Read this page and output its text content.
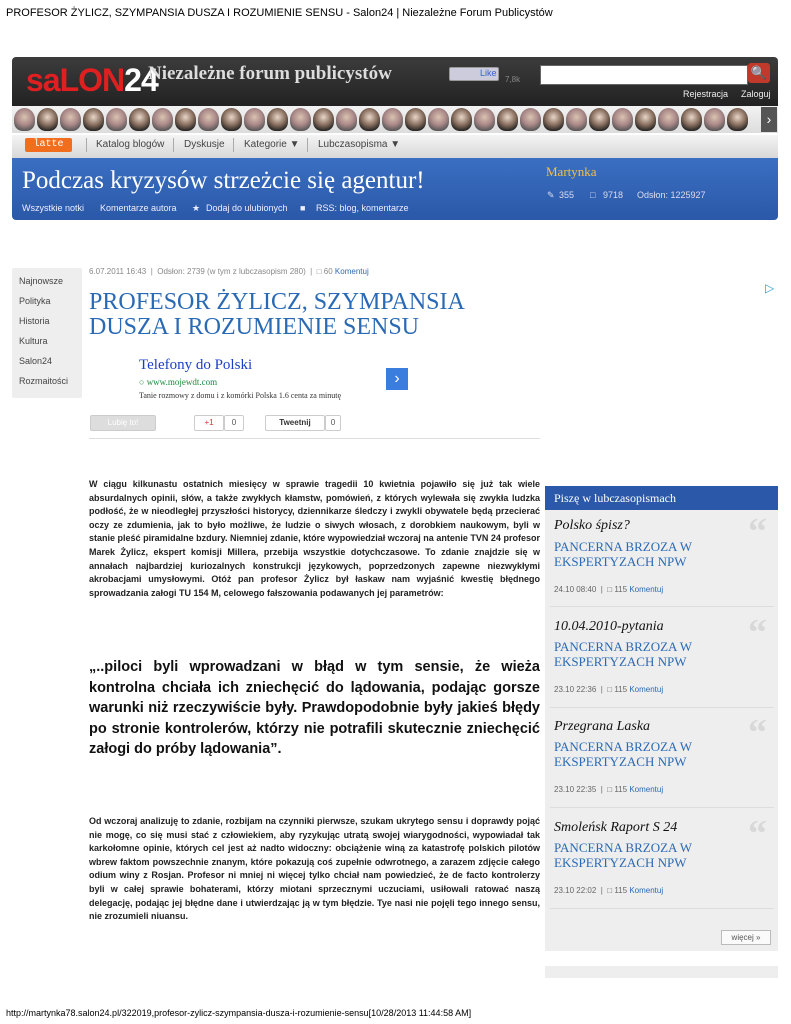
PROFESOR ŻYLICZ, SZYMPANSIA DUSZA I ROZUMIENIE SENSU - Salon24 | Niezależne Forum Publicystów
saLON24
Niezależne forum publicystów	Like
7,8k	🔍
Rejestracja Zaloguj
›
latte	Katalog blogów Dyskusje Kategorie ▼ Lubczasopisma ▼
Podczas kryzysów strzeżcie się agentur!	Martynka
✎ 355 □ 9718 Odsłon: 1225927
Wszystkie notki Komentarze autora ★ Dodaj do ulubionych ■ RSS: blog, komentarze
Najnowsze
Polityka
Historia
Kultura
Salon24
Rozmaitości
6.07.2011 16:43  |  Odsłon: 2739 (w tym z lubczasopism 280)  |  □ 60 Komentuj
PROFESOR ŻYLICZ, SZYMPANSIA DUSZA I ROZUMIENIE SENSU
▷
Telefony do Polski
○ www.mojewdt.com
Tanie rozmowy z domu i z komórki Polska 1.6 centa za minutę
›
Lubię to!	+1	0	Tweetnij	0
W ciągu kilkunastu ostatnich miesięcy w sprawie tragedii 10 kwietnia pojawiło się już tak wiele absurdalnych opinii, słów, a także zwykłych kłamstw, pomówień, z których wylewała się zwykła ludzka podłość, że w nieodległej przyszłości historycy, dziennikarze śledczy i zwykli obywatele będą przecierać oczy ze zdumienia, jak to było możliwe, że ludzie o siwych włosach, z dorobkiem naukowym, byli w stanie pleść piramidalne bzdury. Niemniej zdanie, które wypowiedział wczoraj na antenie TVN 24 profesor Marek Żylicz, ekspert komisji Millera, przebija wszystkie dotychczasowe. To zdanie znajdzie się w annałach najbardziej kuriozalnych konstrukcji językowych, poprzedzonych zapewne niezwykłymi akrobacjami umysłowymi. Otóż pan profesor Żylicz był łaskaw nam wyjaśnić kwestię błędnego sprowadzania załogi TU 154 M, celowego fałszowania podawanych jej parametrów:
„..piloci byli wprowadzani w błąd w tym sensie, że wieża kontrolna chciała ich zniechęcić do lądowania, podając gorsze warunki niż rzeczywiście były. Prawdopodobnie były jakieś błędy po stronie kontrolerów, którzy nie potrafili skutecznie zniechęcić załogi do próby lądowania”.
Od wczoraj analizuję to zdanie, rozbijam na czynniki pierwsze, szukam ukrytego sensu i doprawdy pojąć nie mogę, co się musi stać z człowiekiem, aby ryzykując utratą swojej wiarygodności, wypowiadał tak karkołomne opinie, których cel jest aż nadto widoczny: obciążenie winą za katastrofę polskich pilotów wbrew faktom powszechnie znanym, które pokazują coś zupełnie odwrotnego, a zarazem zdjęcie całego odium winy z Rosjan. Profesor ni mniej ni więcej tylko chciał nam powiedzieć, że de facto kontrolerzy byli w całej sprawie bohaterami, którzy miotani sprzecznymi uczuciami, usiłowali ratować naszą delegację, podając jej błędne dane i utwierdzając ją w tym błędzie. Tye nasi nie pojęli tego innego sensu, nie zrozumieli niuansu.
Piszę w lubczasopismach
Polsko śpisz?	“
PANCERNA BRZOZA W EKSPERTYZACH NPW
24.10 08:40  |  □ 115 Komentuj
10.04.2010-pytania “
PANCERNA BRZOZA W EKSPERTYZACH NPW
23.10 22:36  |  □ 115 Komentuj
Przegrana Laska	“
PANCERNA BRZOZA W EKSPERTYZACH NPW
23.10 22:35  |  □ 115 Komentuj
Smoleńsk Raport S 24 “
PANCERNA BRZOZA W EKSPERTYZACH NPW
23.10 22:02  |  □ 115 Komentuj
więcej »
http://martynka78.salon24.pl/322019,profesor-zylicz-szympansia-dusza-i-rozumienie-sensu[10/28/2013 11:44:58 AM]
